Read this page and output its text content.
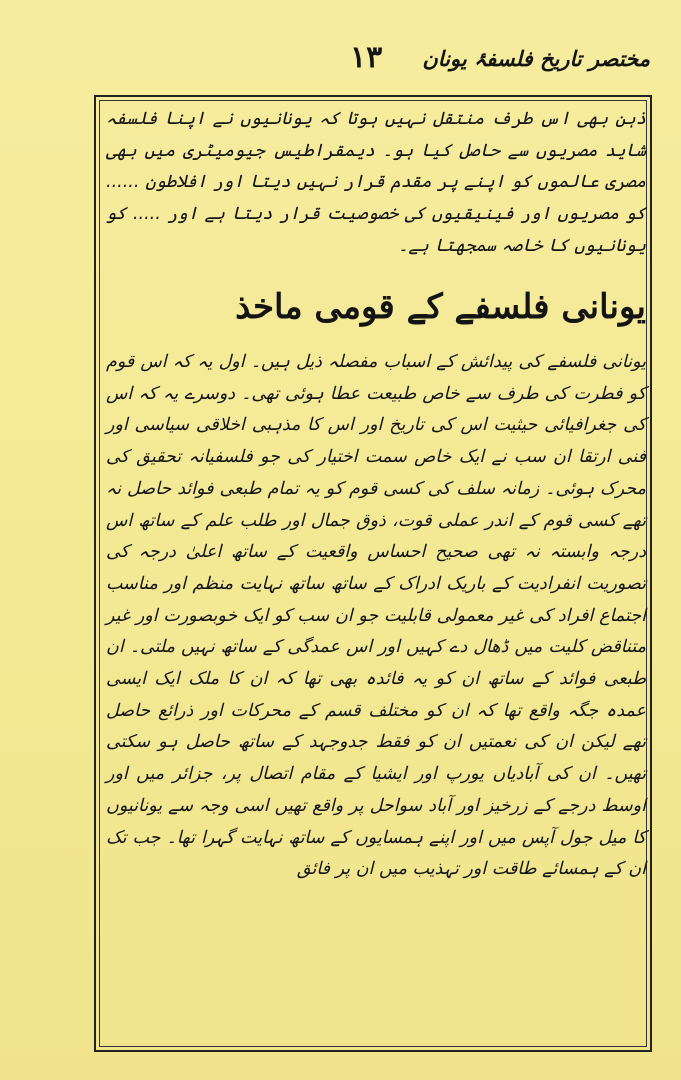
۱۳ مختصر تاریخ فلسفۂ یونان

ذہن بھی اس طرف منتقل نہیں ہوتا کہ یونانیوں نے اپنا فلسفہ شاید مصریوں سے حاصل کیا ہو۔ دیمقراطیس جیومیٹری میں بھی مصری عالموں کو اپنے پر مقدم قرار نہیں دیتا اور افلاطون ...... کو مصریوں اور فینیقیوں کی خصوصیت قرار دیتا ہے اور ..... کو یونانیوں کا خاصہ سمجھتا ہے۔

یونانی فلسفے کے قومی ماخذ

یونانی فلسفے کی پیدائش کے اسباب مفصلہ ذیل ہیں۔ اول یہ کہ اس قوم کو فطرت کی طرف سے خاص طبیعت عطا ہوئی تھی۔ دوسرے یہ کہ اس کی جغرافیائی حیثیت اس کی تاریخ اور اس کا مذہبی اخلاقی سیاسی اور فنی ارتقا ان سب نے ایک خاص سمت اختیار کی جو فلسفیانہ تحقیق کی محرک ہوئی۔ زمانہ سلف کی کسی قوم کو یہ تمام طبعی فوائد حاصل نہ تھے کسی قوم کے اندر عملی قوت، ذوق جمال اور طلب علم کے ساتھ اس درجہ وابستہ نہ تھی صحیح احساس واقعیت کے ساتھ اعلیٰ درجہ کی تصوریت انفرادیت کے باریک ادراک کے ساتھ ساتھ نہایت منظم اور مناسب اجتماع افراد کی غیر معمولی قابلیت جو ان سب کو ایک خوبصورت اور غیر متناقض کلیت میں ڈھال دے کہیں اور اس عمدگی کے ساتھ نہیں ملتی۔ ان طبعی فوائد کے ساتھ ان کو یہ فائدہ بھی تھا کہ ان کا ملک ایک ایسی عمدہ جگہ واقع تھا کہ ان کو مختلف قسم کے محرکات اور ذرائع حاصل تھے لیکن ان کی نعمتیں ان کو فقط جدوجہد کے ساتھ حاصل ہو سکتی تھیں۔ ان کی آبادیاں یورپ اور ایشیا کے مقام اتصال پر، جزائر میں اور اوسط درجے کے زرخیز اور آباد سواحل پر واقع تھیں اسی وجہ سے یونانیوں کا میل جول آپس میں اور اپنے ہمسایوں کے ساتھ نہایت گہرا تھا۔ جب تک ان کے ہمسائے طاقت اور تہذیب میں ان پر فائق
